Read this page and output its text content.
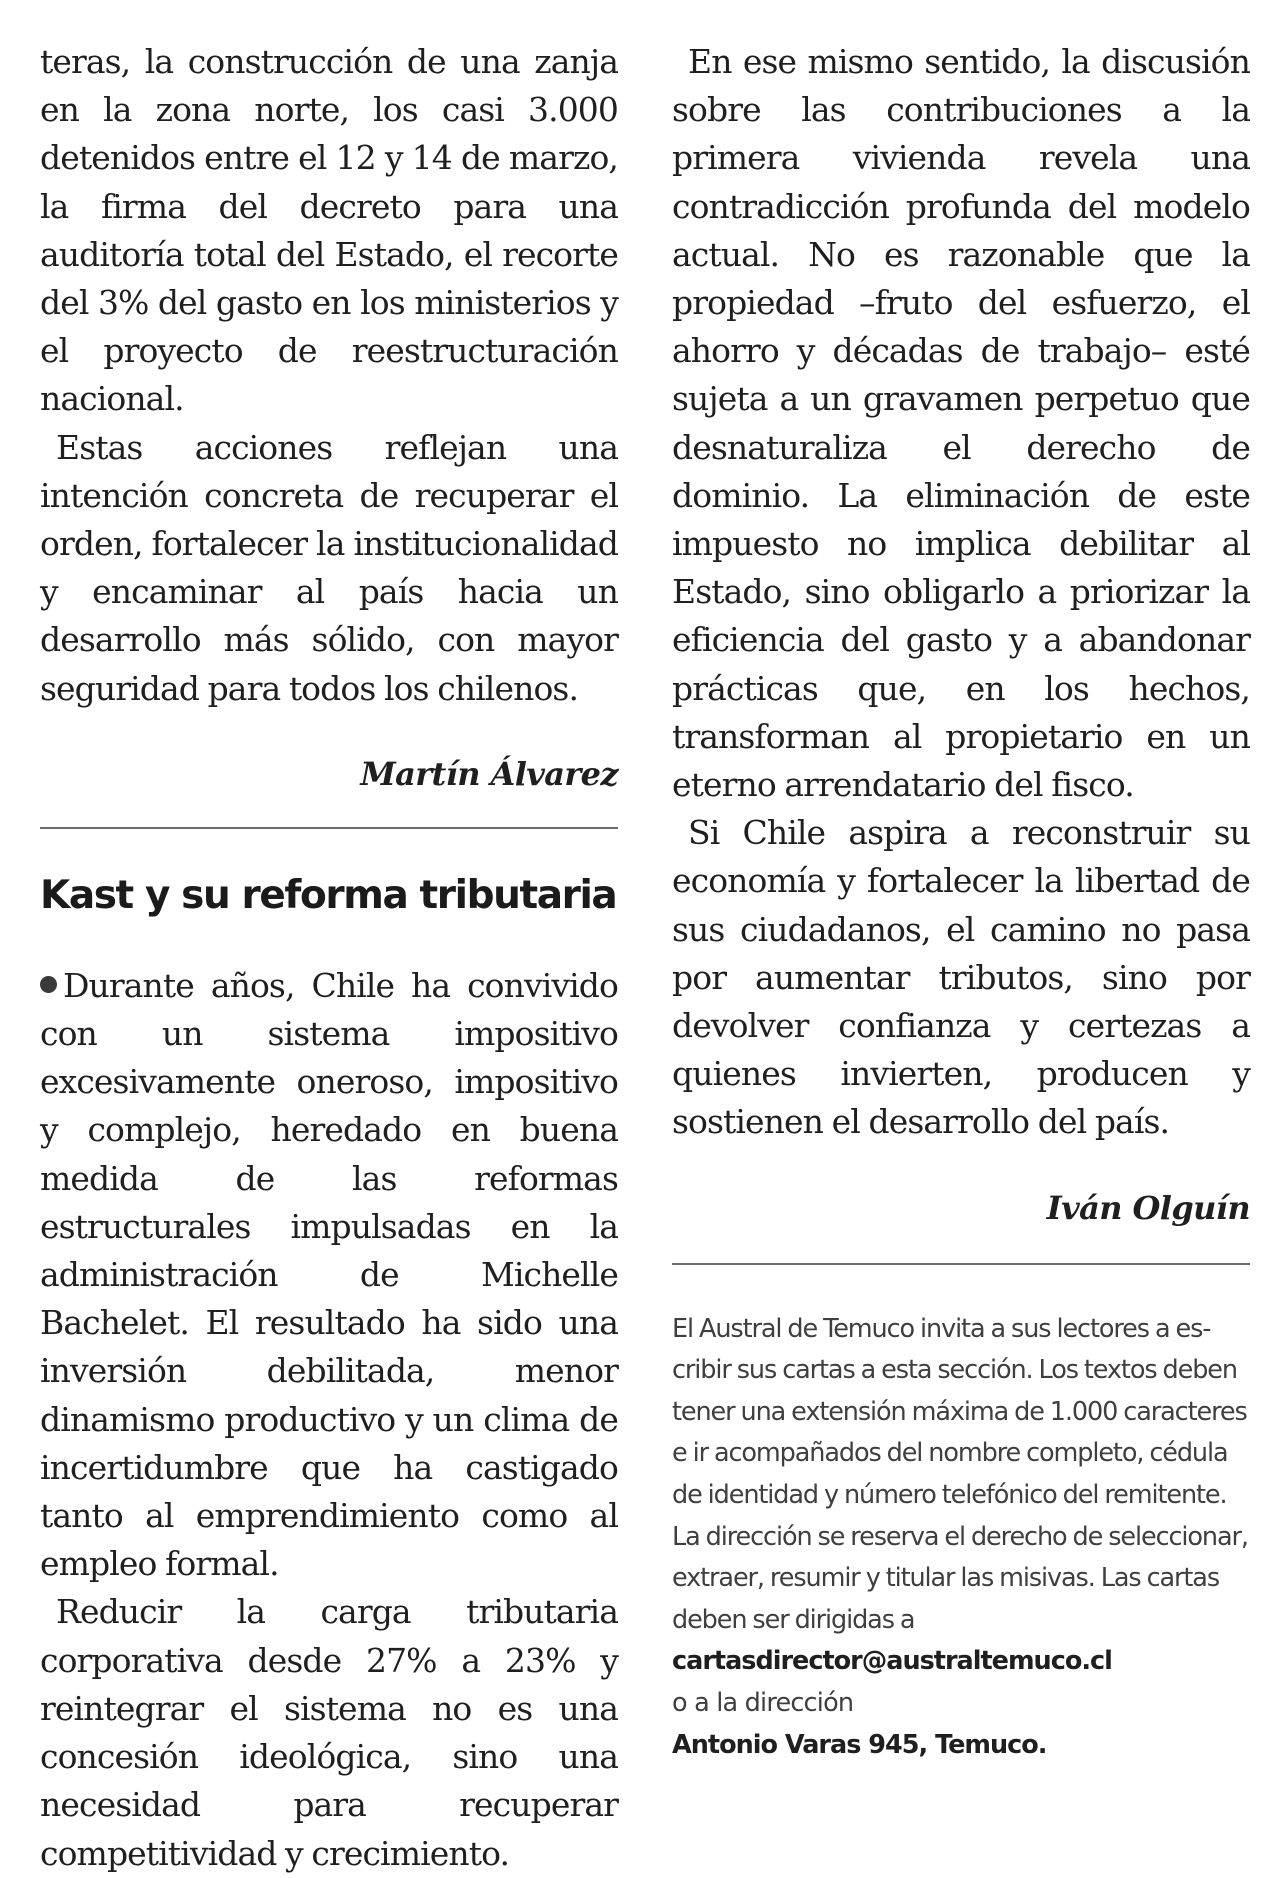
teras, la construcción de una zanja en la zona norte, los casi 3.000 detenidos entre el 12 y 14 de marzo, la firma del decreto para una auditoría total del Estado, el recorte del 3% del gasto en los ministerios y el proyecto de reestructuración nacional.

Estas acciones reflejan una intención concreta de recuperar el orden, fortalecer la institucionalidad y encaminar al país hacia un desarrollo más sólido, con mayor seguridad para todos los chilenos.

Martín Álvarez

Kast y su reforma tributaria

Durante años, Chile ha convivido con un sistema impositivo excesivamente oneroso, impositivo y complejo, heredado en buena medida de las reformas estructurales impulsadas en la administración de Michelle Bachelet. El resultado ha sido una inversión debilitada, menor dinamismo productivo y un clima de incertidumbre que ha castigado tanto al emprendimiento como al empleo formal.

Reducir la carga tributaria corporativa desde 27% a 23% y reintegrar el sistema no es una concesión ideológica, sino una necesidad para recuperar competitividad y crecimiento.

En ese mismo sentido, la discusión sobre las contribuciones a la primera vivienda revela una contradicción profunda del modelo actual. No es razonable que la propiedad –fruto del esfuerzo, el ahorro y décadas de trabajo– esté sujeta a un gravamen perpetuo que desnaturaliza el derecho de dominio. La eliminación de este impuesto no implica debilitar al Estado, sino obligarlo a priorizar la eficiencia del gasto y a abandonar prácticas que, en los hechos, transforman al propietario en un eterno arrendatario del fisco.

Si Chile aspira a reconstruir su economía y fortalecer la libertad de sus ciudadanos, el camino no pasa por aumentar tributos, sino por devolver confianza y certezas a quienes invierten, producen y sostienen el desarrollo del país.

Iván Olguín

El Austral de Temuco invita a sus lectores a escribir sus cartas a esta sección. Los textos deben tener una extensión máxima de 1.000 caracteres e ir acompañados del nombre completo, cédula de identidad y número telefónico del remitente. La dirección se reserva el derecho de seleccionar, extraer, resumir y titular las misivas. Las cartas deben ser dirigidas a

cartasdirector@australtemuco.cl

o a la dirección

Antonio Varas 945, Temuco.
